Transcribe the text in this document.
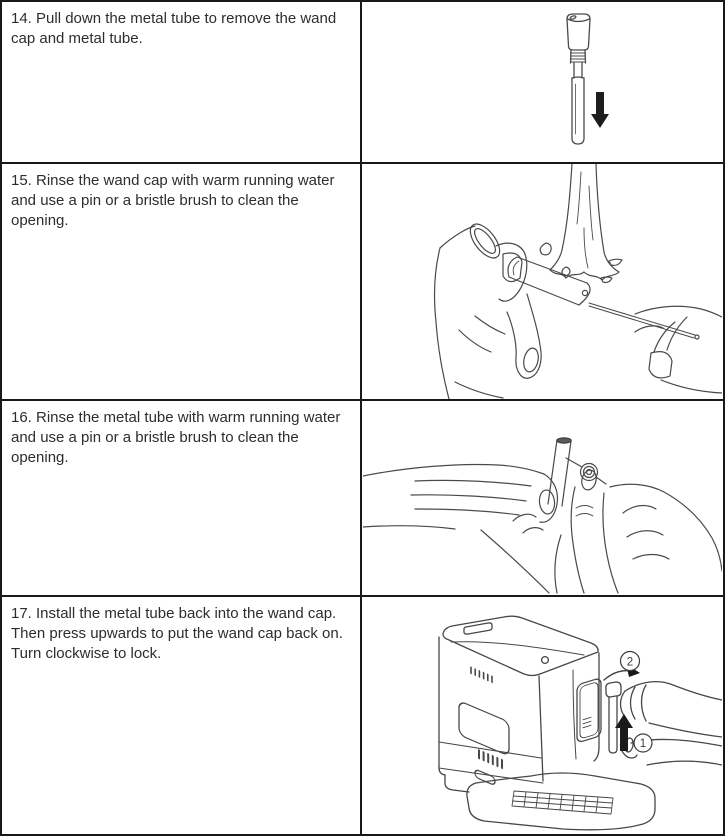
14. Pull down the metal tube to remove the wand cap and metal tube.
15. Rinse the wand cap with warm running water and use a pin or a bristle brush to clean the opening.
16. Rinse the metal tube with warm running water and use a pin or a bristle brush to clean the opening.
17. Install the metal tube back into the wand cap. Then press upwards to put the wand cap back on. Turn clockwise to lock.
1
2
